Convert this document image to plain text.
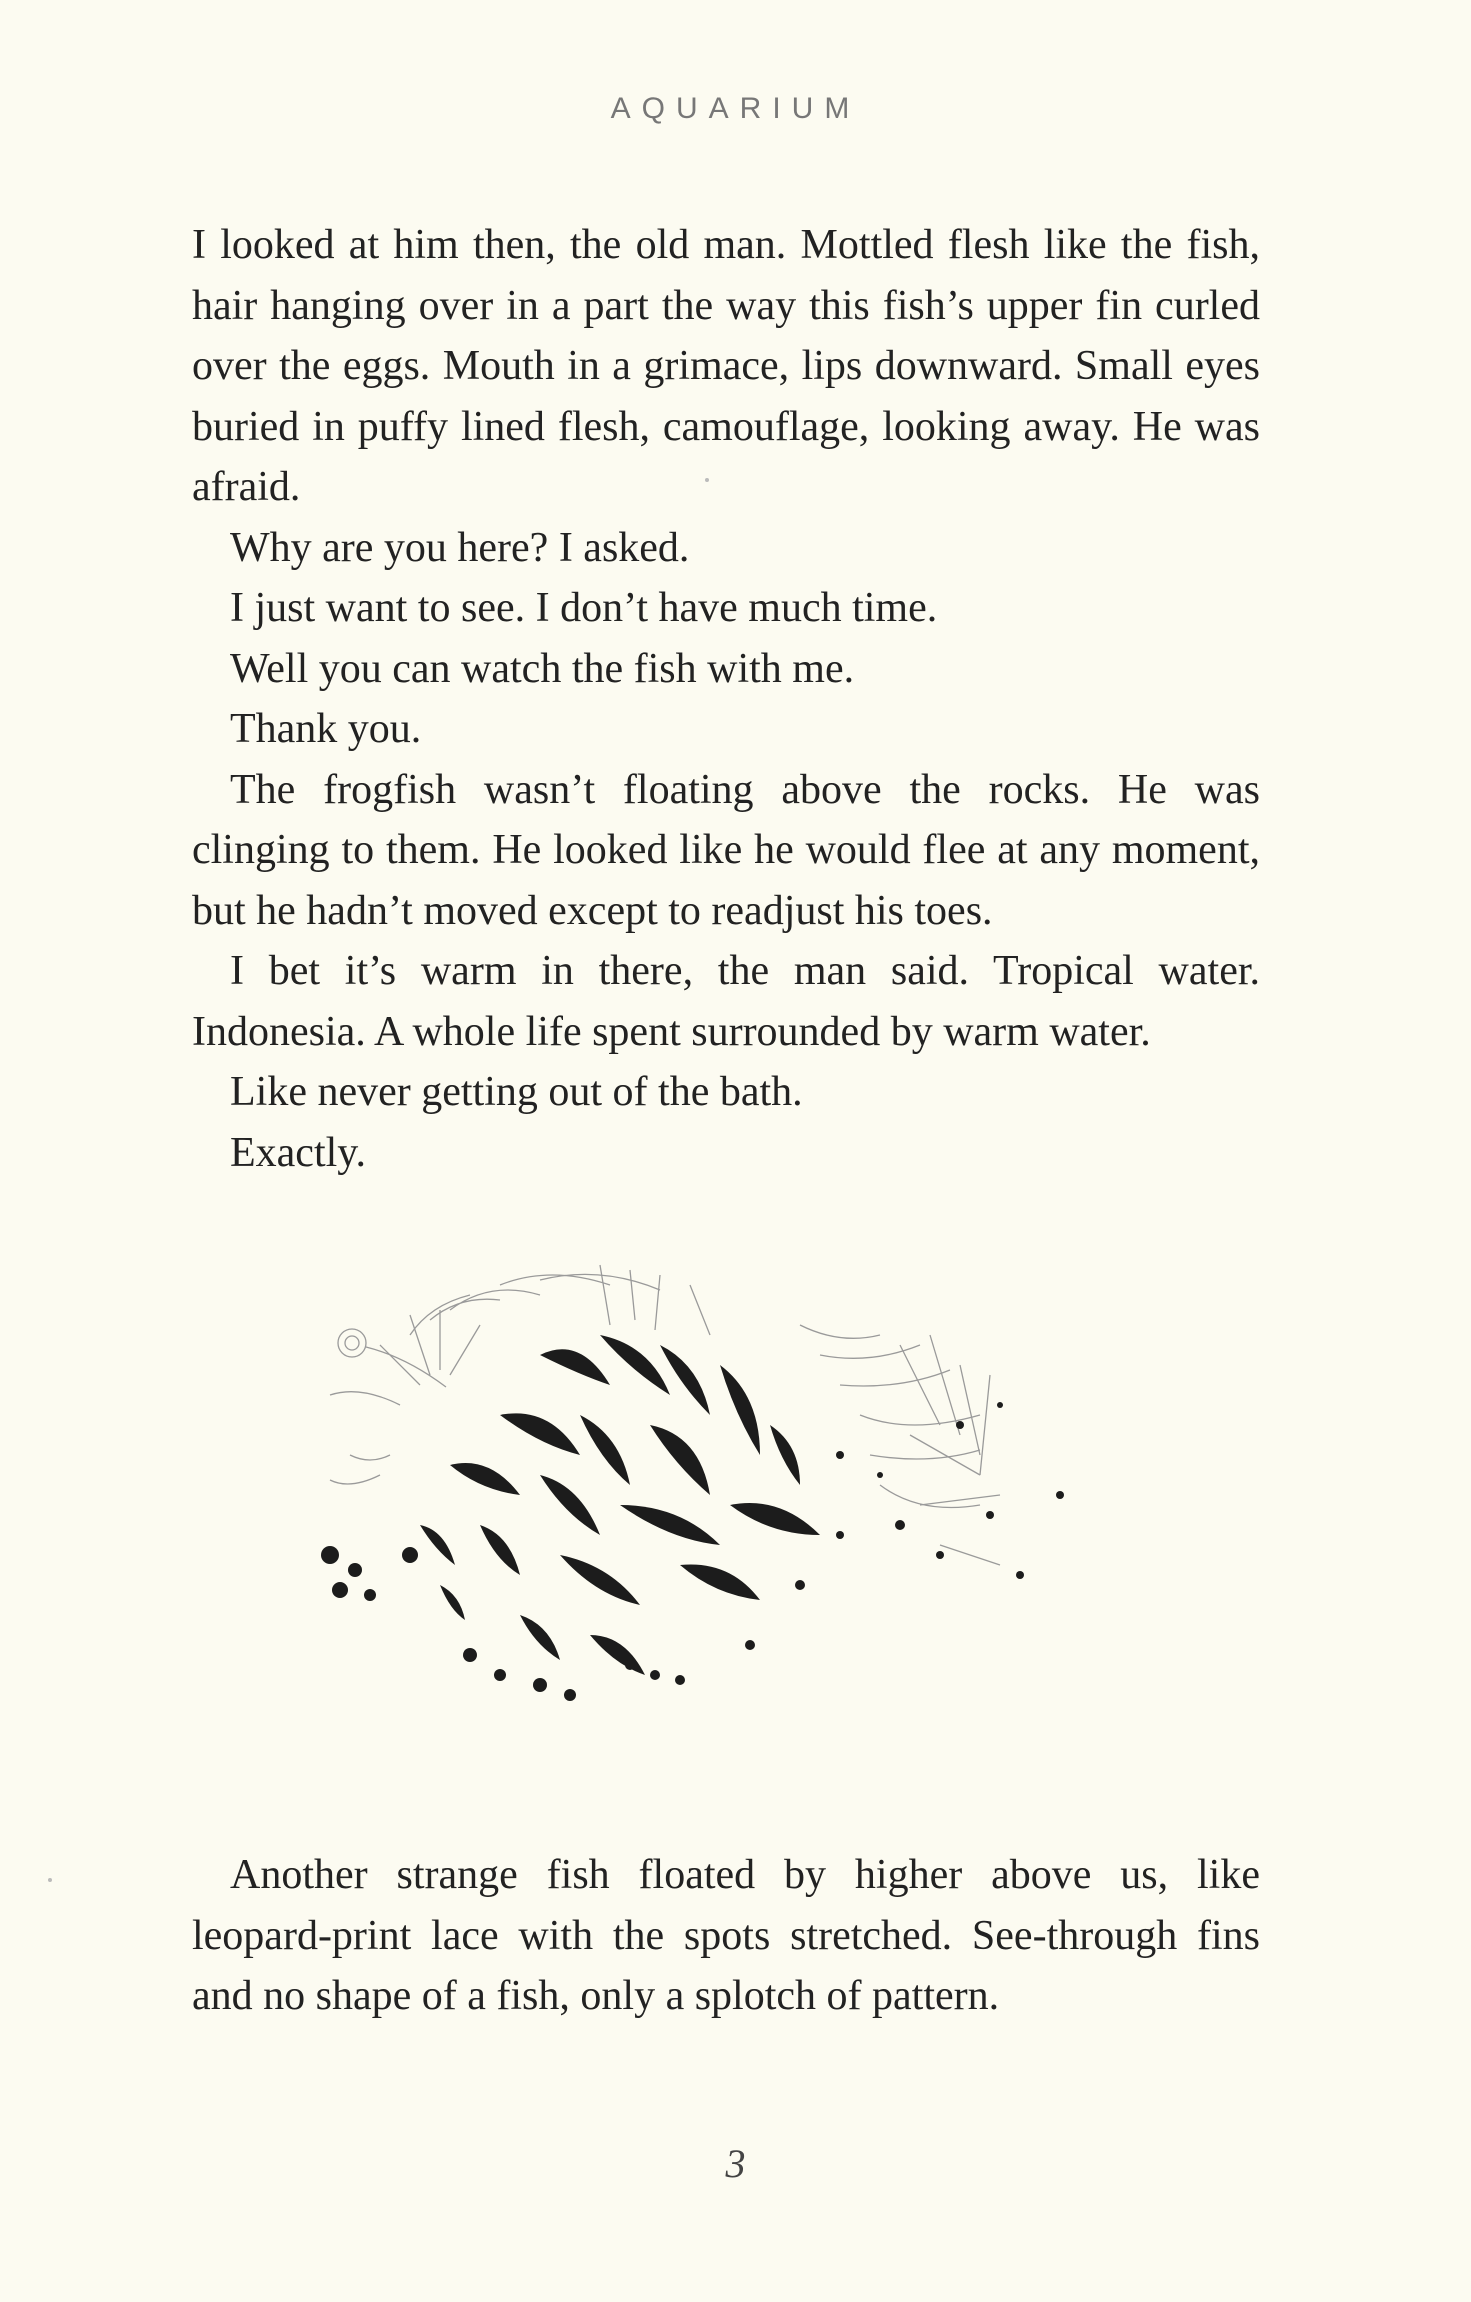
AQUARIUM

I looked at him then, the old man. Mottled flesh like the fish, hair hanging over in a part the way this fish’s upper fin curled over the eggs. Mouth in a grimace, lips downward. Small eyes buried in puffy lined flesh, camouflage, looking away. He was afraid.

Why are you here? I asked.

I just want to see. I don’t have much time.

Well you can watch the fish with me.

Thank you.

The frogfish wasn’t floating above the rocks. He was clinging to them. He looked like he would flee at any moment, but he hadn’t moved except to readjust his toes.

I bet it’s warm in there, the man said. Tropical water. Indonesia. A whole life spent surrounded by warm water.

Like never getting out of the bath.

Exactly.

Another strange fish floated by higher above us, like leopard-print lace with the spots stretched. See-through fins and no shape of a fish, only a splotch of pattern.

3
